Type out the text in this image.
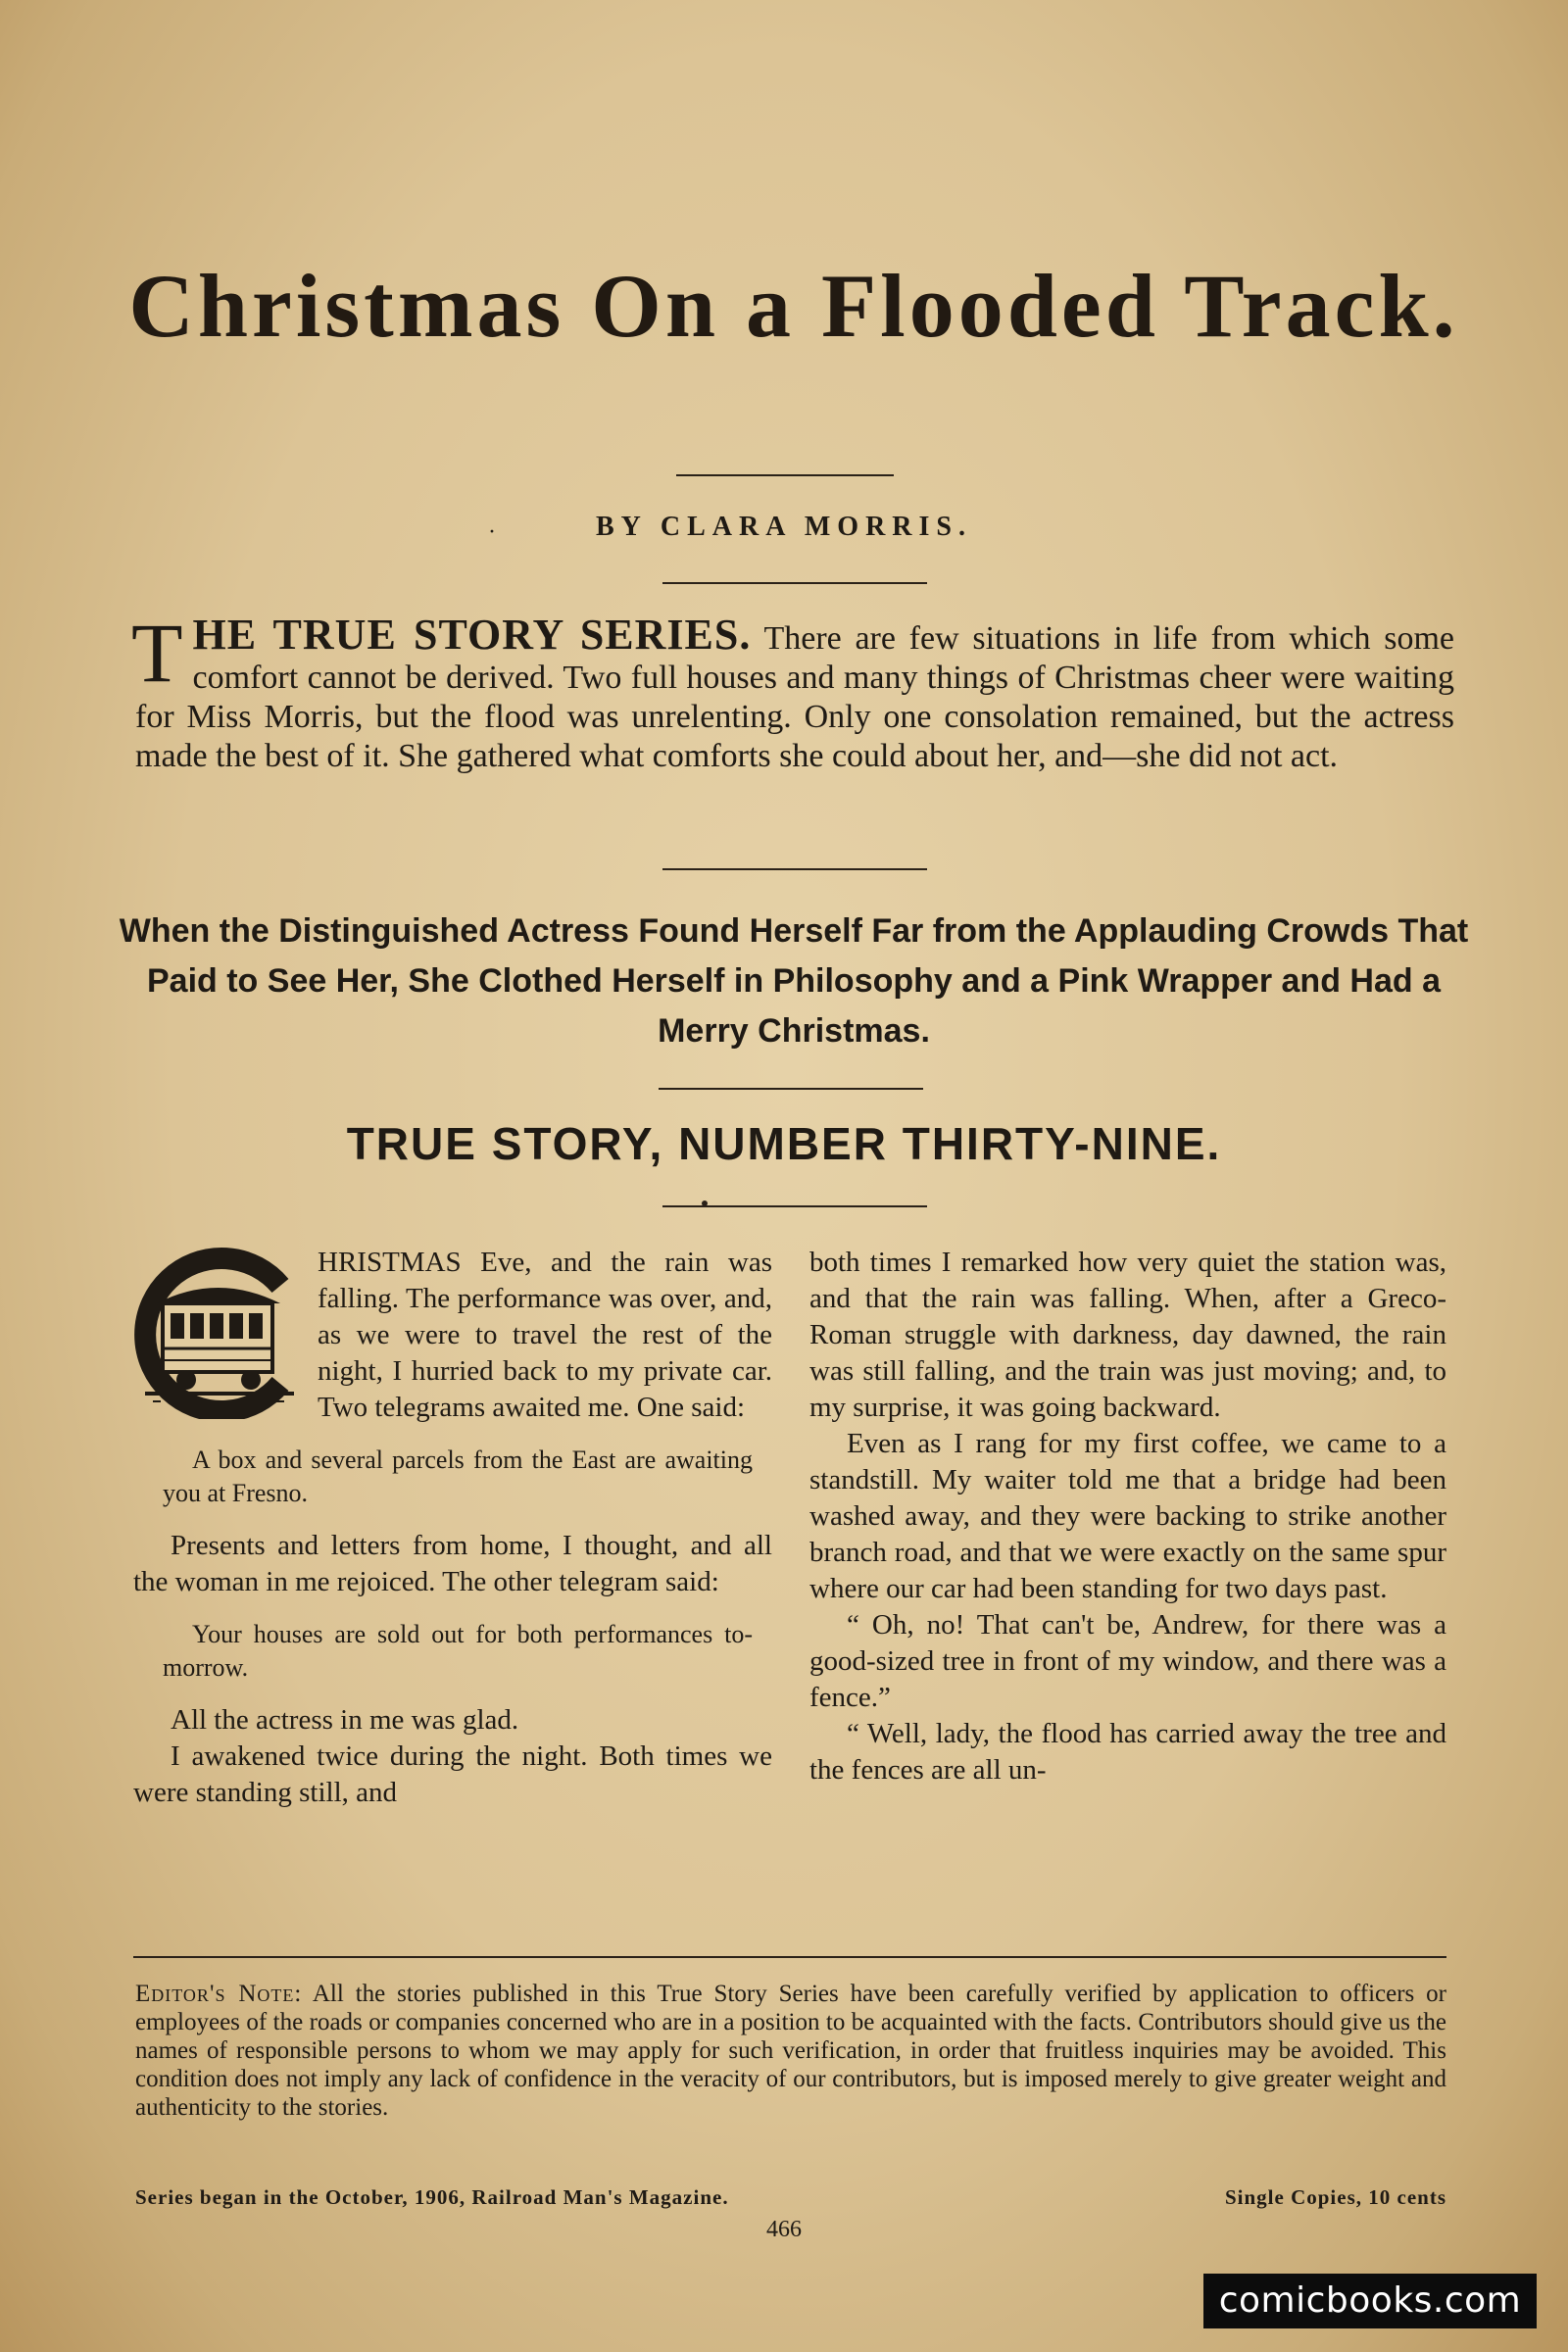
Christmas On a Flooded Track.
·	BY CLARA MORRIS.

THE TRUE STORY SERIES. There are few situations in life from which some comfort cannot be derived. Two full houses and many things of Christmas cheer were waiting for Miss Morris, but the flood was unrelenting. Only one consolation remained, but the actress made the best of it. She gathered what comforts she could about her, and—she did not act.

When the Distinguished Actress Found Herself Far from the Applauding Crowds That Paid to See Her, She Clothed Herself in Philosophy and a Pink Wrapper and Had a Merry Christmas.

TRUE STORY, NUMBER THIRTY-NINE.

HRISTMAS Eve, and the rain was falling. The performance was over, and, as we were to travel the rest of the night, I hurried back to my private car. Two telegrams awaited me. One said:

A box and several parcels from the East are awaiting you at Fresno.

Presents and letters from home, I thought, and all the woman in me rejoiced. The other telegram said:

Your houses are sold out for both performances to-morrow.

All the actress in me was glad.

I awakened twice during the night. Both times we were standing still, and

both times I remarked how very quiet the station was, and that the rain was falling. When, after a Greco-Roman struggle with darkness, day dawned, the rain was still falling, and the train was just moving; and, to my surprise, it was going backward.

Even as I rang for my first coffee, we came to a standstill. My waiter told me that a bridge had been washed away, and they were backing to strike another branch road, and that we were exactly on the same spur where our car had been standing for two days past.

“ Oh, no! That can't be, Andrew, for there was a good-sized tree in front of my window, and there was a fence.”

“ Well, lady, the flood has carried away the tree and the fences are all un-

Editor's Note: All the stories published in this True Story Series have been carefully verified by application to officers or employees of the roads or companies concerned who are in a position to be acquainted with the facts. Contributors should give us the names of responsible persons to whom we may apply for such verification, in order that fruitless inquiries may be avoided. This condition does not imply any lack of confidence in the veracity of our contributors, but is imposed merely to give greater weight and authenticity to the stories.

Series began in the October, 1906, Railroad Man's Magazine.	Single Copies, 10 cents

466

comicbooks.com
